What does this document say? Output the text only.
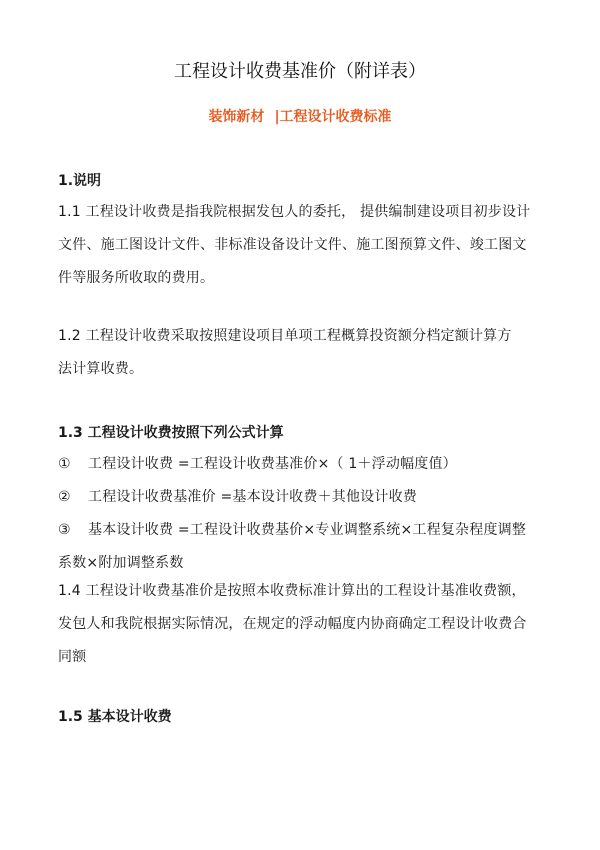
工程设计收费基准价（附详表）
装饰新材 |工程设计收费标准
1.说明
1.1 工程设计收费是指我院根据发包人的委托， 提供编制建设项目初步设计
文件、施工图设计文件、非标准设备设计文件、施工图预算文件、竣工图文
件等服务所收取的费用。
1.2 工程设计收费采取按照建设项目单项工程概算投资额分档定额计算方
法计算收费。
1.3 工程设计收费按照下列公式计算
① 工程设计收费 =工程设计收费基准价×（ 1＋浮动幅度值）
② 工程设计收费基准价 =基本设计收费＋其他设计收费
③ 基本设计收费 =工程设计收费基价×专业调整系统×工程复杂程度调整
系数×附加调整系数
1.4 工程设计收费基准价是按照本收费标准计算出的工程设计基准收费额，
发包人和我院根据实际情况，在规定的浮动幅度内协商确定工程设计收费合
同额
1.5 基本设计收费
